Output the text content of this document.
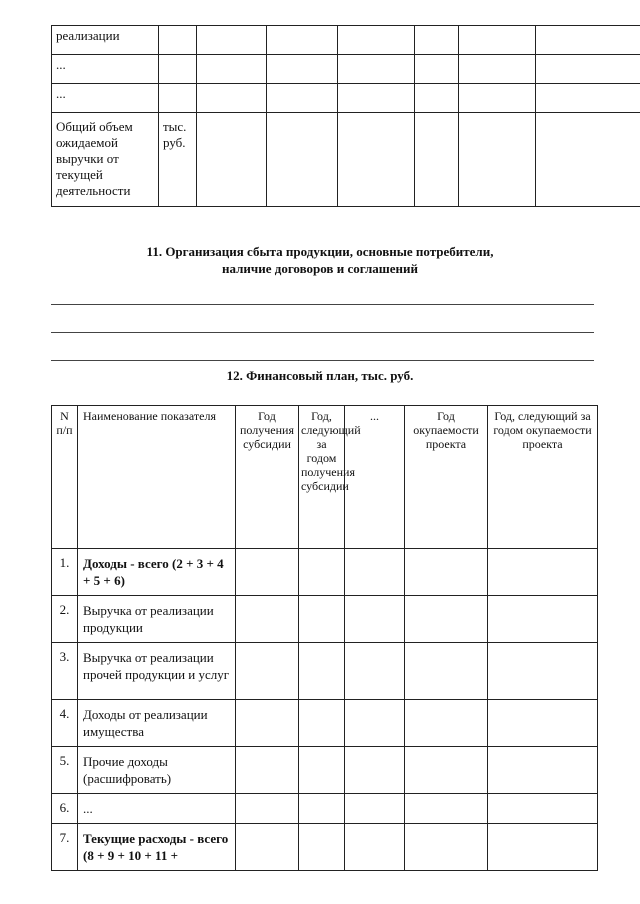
реализации							
...							
...							
Общий объем ожидаемой выручки от текущей деятельности	тыс. руб.						
11. Организация сбыта продукции, основные потребители,
наличие договоров и соглашений
12. Финансовый план, тыс. руб.
N п/п	Наименование показателя	Год получения субсидии	Год, следующий за годом получения субсидии	...	Год окупаемости проекта	Год, следующий за годом окупаемости проекта
1.	Доходы - всего (2 + 3 + 4 + 5 + 6)					
2.	Выручка от реализации продукции					
3.	Выручка от реализации прочей продукции и услуг					
4.	Доходы от реализации имущества					
5.	Прочие доходы (расшифровать)					
6.	...					
7.	Текущие расходы - всего (8 + 9 + 10 + 11 +					
